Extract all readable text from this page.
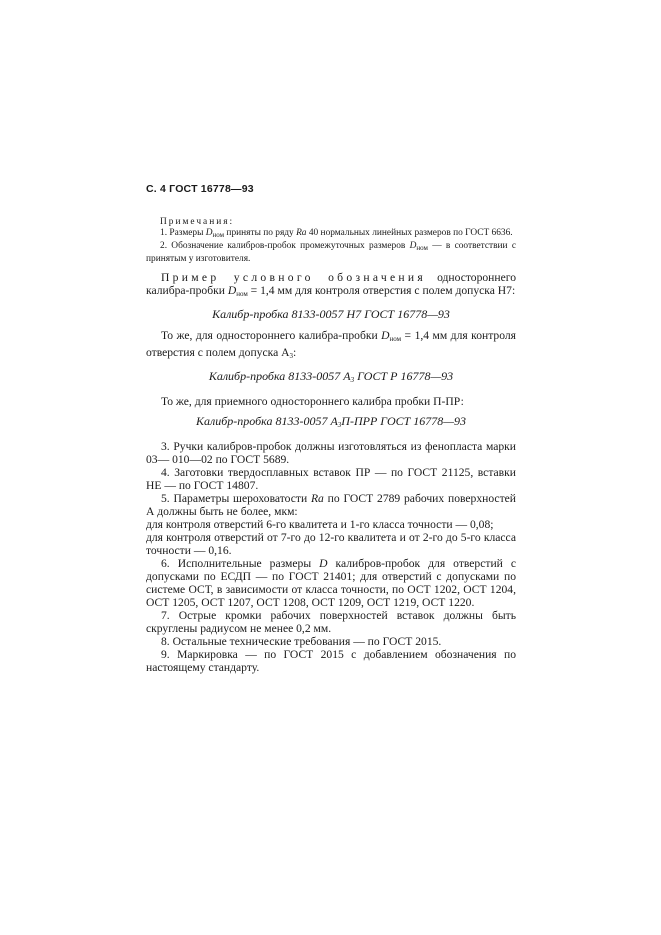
С. 4 ГОСТ 16778—93
Примечания:

1. Размеры $D_{ном}$ приняты по ряду Ra 40 нормальных линейных размеров по ГОСТ 6636.

2. Обозначение калибров-пробок промежуточных размеров $D_{ном}$ — в соответствии с принятым у изготовителя.

Пример условного обозначения одностороннего калибра-пробки $D_{ном} = 1,4$ мм для контроля отверстия с полем допуска Н7:

Калибр-пробка 8133-0057 Н7 ГОСТ 16778—93

То же, для одностороннего калибра-пробки $D_{ном} = 1,4$ мм для контроля отверстия с полем допуска $А_3$:

Калибр-пробка 8133-0057 $А_3$ ГОСТ Р 16778—93

То же, для приемного одностороннего калибра пробки П-ПР:

Калибр-пробка 8133-0057 $А_3П$-ПРР ГОСТ 16778—93

3. Ручки калибров-пробок должны изготовляться из фенопласта марки 03— 010—02 по ГОСТ 5689.

4. Заготовки твердосплавных вставок ПР — по ГОСТ 21125, вставки НЕ — по ГОСТ 14807.

5. Параметры шероховатости Ra по ГОСТ 2789 рабочих поверхностей А должны быть не более, мкм:

для контроля отверстий 6-го квалитета и 1-го класса точности — 0,08;

для контроля отверстий от 7-го до 12-го квалитета и от 2-го до 5-го класса точности — 0,16.

6. Исполнительные размеры D калибров-пробок для отверстий с допусками по ЕСДП — по ГОСТ 21401; для отверстий с допусками по системе ОСТ, в зависимости от класса точности, по ОСТ 1202, ОСТ 1204, ОСТ 1205, ОСТ 1207, ОСТ 1208, ОСТ 1209, ОСТ 1219, ОСТ 1220.

7. Острые кромки рабочих поверхностей вставок должны быть скруглены радиусом не менее 0,2 мм.

8. Остальные технические требования — по ГОСТ 2015.

9. Маркировка — по ГОСТ 2015 с добавлением обозначения по настоящему стандарту.
